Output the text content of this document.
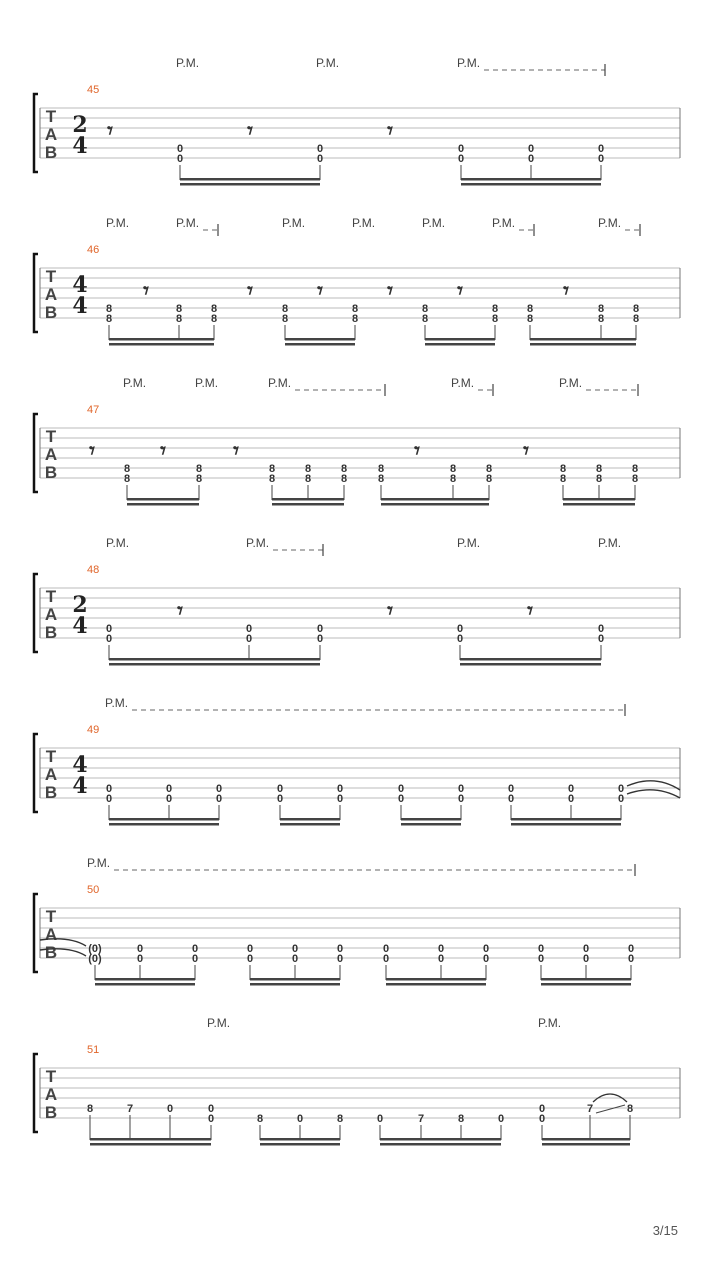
T
A
B
45
2
4
P.M.	P.M.	P.M.
𝄾	𝄾	𝄾
0
0
0
0
0
0
0
0
0
0
T
A
B
46
4
4
P.M.	P.M.	P.M.	P.M.	P.M.	P.M.	P.M.
𝄾	𝄾	𝄾	𝄾	𝄾	𝄾
8
8
8
8
8
8
8
8
8
8
8
8
8
8
8
8
8
8
8
8
T
A
B
47
P.M.	P.M.	P.M.	P.M.	P.M.
𝄾	𝄾	𝄾	𝄾	𝄾
8
8
8
8
8
8
8
8
8
8
8
8
8
8
8
8
8
8
8
8
8
8
T
A
B
48
2
4
P.M.	P.M.	P.M.	P.M.
𝄾	𝄾	𝄾
0
0
0
0
0
0
0
0
0
0
T
A
B
49
4
4
P.M.
0
0
0
0
0
0
0
0
0
0
0
0
0
0
0
0
0
0
0
0
T
A
B
50
P.M.
(0)
(0)
0
0
0
0
0
0
0
0
0
0
0
0
0
0
0
0
0
0
0
0
0
0
T
A
B
51
P.M.	P.M.
8	7	0	0
0	8	0	8	0	7	8	0
0
0
7	8
3/15
